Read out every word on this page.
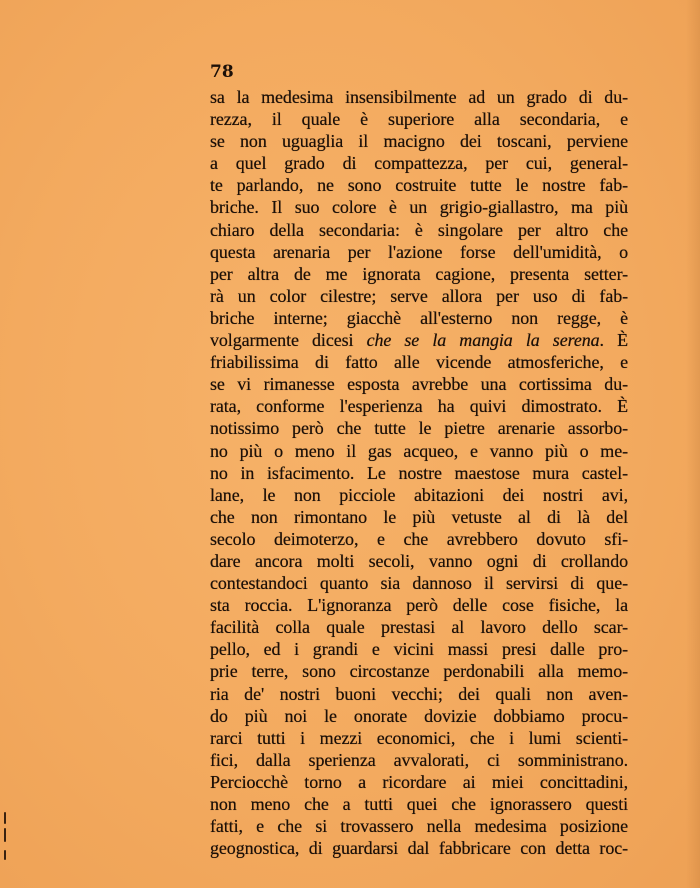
78
sa la medesima insensibilmente ad un grado di du-
rezza, il quale è superiore alla secondaria, e
se non uguaglia il macigno dei toscani, perviene
a quel grado di compattezza, per cui, general-
te parlando, ne sono costruite tutte le nostre fab-
briche. Il suo colore è un grigio-giallastro, ma più
chiaro della secondaria: è singolare per altro che
questa arenaria per l'azione forse dell'umidità, o
per altra de me ignorata cagione, presenta setter-
rà un color cilestre; serve allora per uso di fab-
briche interne; giacchè all'esterno non regge, è
volgarmente dicesi che se la mangia la serena. È
friabilissima di fatto alle vicende atmosferiche, e
se vi rimanesse esposta avrebbe una cortissima du-
rata, conforme l'esperienza ha quivi dimostrato. È
notissimo però che tutte le pietre arenarie assorbo-
no più o meno il gas acqueo, e vanno più o me-
no in isfacimento. Le nostre maestose mura castel-
lane, le non picciole abitazioni dei nostri avi,
che non rimontano le più vetuste al di là del
secolo deimoterzo, e che avrebbero dovuto sfi-
dare ancora molti secoli, vanno ogni di crollando
contestandoci quanto sia dannoso il servirsi di que-
sta roccia. L'ignoranza però delle cose fisiche, la
facilità colla quale prestasi al lavoro dello scar-
pello, ed i grandi e vicini massi presi dalle pro-
prie terre, sono circostanze perdonabili alla memo-
ria de' nostri buoni vecchi; dei quali non aven-
do più noi le onorate dovizie dobbiamo procu-
rarci tutti i mezzi economici, che i lumi scienti-
fici, dalla sperienza avvalorati, ci somministrano.
Perciocchè torno a ricordare ai miei concittadini,
non meno che a tutti quei che ignorassero questi
fatti, e che si trovassero nella medesima posizione
geognostica, di guardarsi dal fabbricare con detta roc-
